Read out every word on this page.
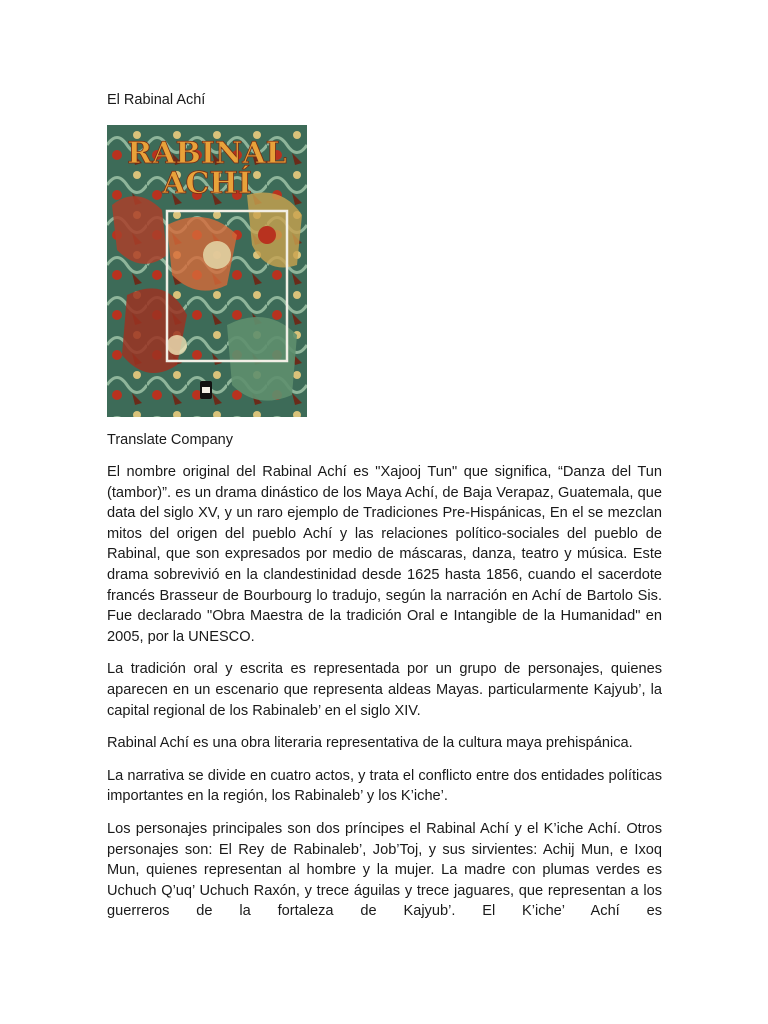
El Rabinal Achí
RABINAL
ACHÍ
Translate Company

El nombre original del Rabinal Achí es "Xajooj Tun" que significa, “Danza del Tun (tambor)”. es un drama dinástico de los Maya Achí, de Baja Verapaz, Guatemala, que data del siglo XV, y un raro ejemplo de Tradiciones Pre-Hispánicas, En el se mezclan mitos del origen del pueblo Achí y las relaciones político-sociales del pueblo de Rabinal, que son expresados por medio de máscaras, danza, teatro y música. Este drama sobrevivió en la clandestinidad desde 1625 hasta 1856, cuando el sacerdote francés Brasseur de Bourbourg lo tradujo, según la narración en Achí de Bartolo Sis. Fue declarado "Obra Maestra de la tradición Oral e Intangible de la Humanidad" en 2005, por la UNESCO.

La tradición oral y escrita es representada por un grupo de personajes, quienes aparecen en un escenario que representa aldeas Mayas. particularmente Kajyub’, la capital regional de los Rabinaleb’ en el siglo XIV.

Rabinal Achí es una obra literaria representativa de la cultura maya prehispánica.

La narrativa se divide en cuatro actos, y trata el conflicto entre dos entidades políticas importantes en la región, los Rabinaleb’ y los K’iche’.

Los personajes principales son dos príncipes el Rabinal Achí y el K’iche Achí. Otros personajes son: El Rey de Rabinaleb’, Job’Toj, y sus sirvientes: Achij Mun, e Ixoq Mun, quienes representan al hombre y la mujer. La madre con plumas verdes es Uchuch Q’uq’ Uchuch Raxón, y trece águilas y trece jaguares, que representan a los guerreros de la fortaleza de Kajyub’. El K’iche’ Achí es
